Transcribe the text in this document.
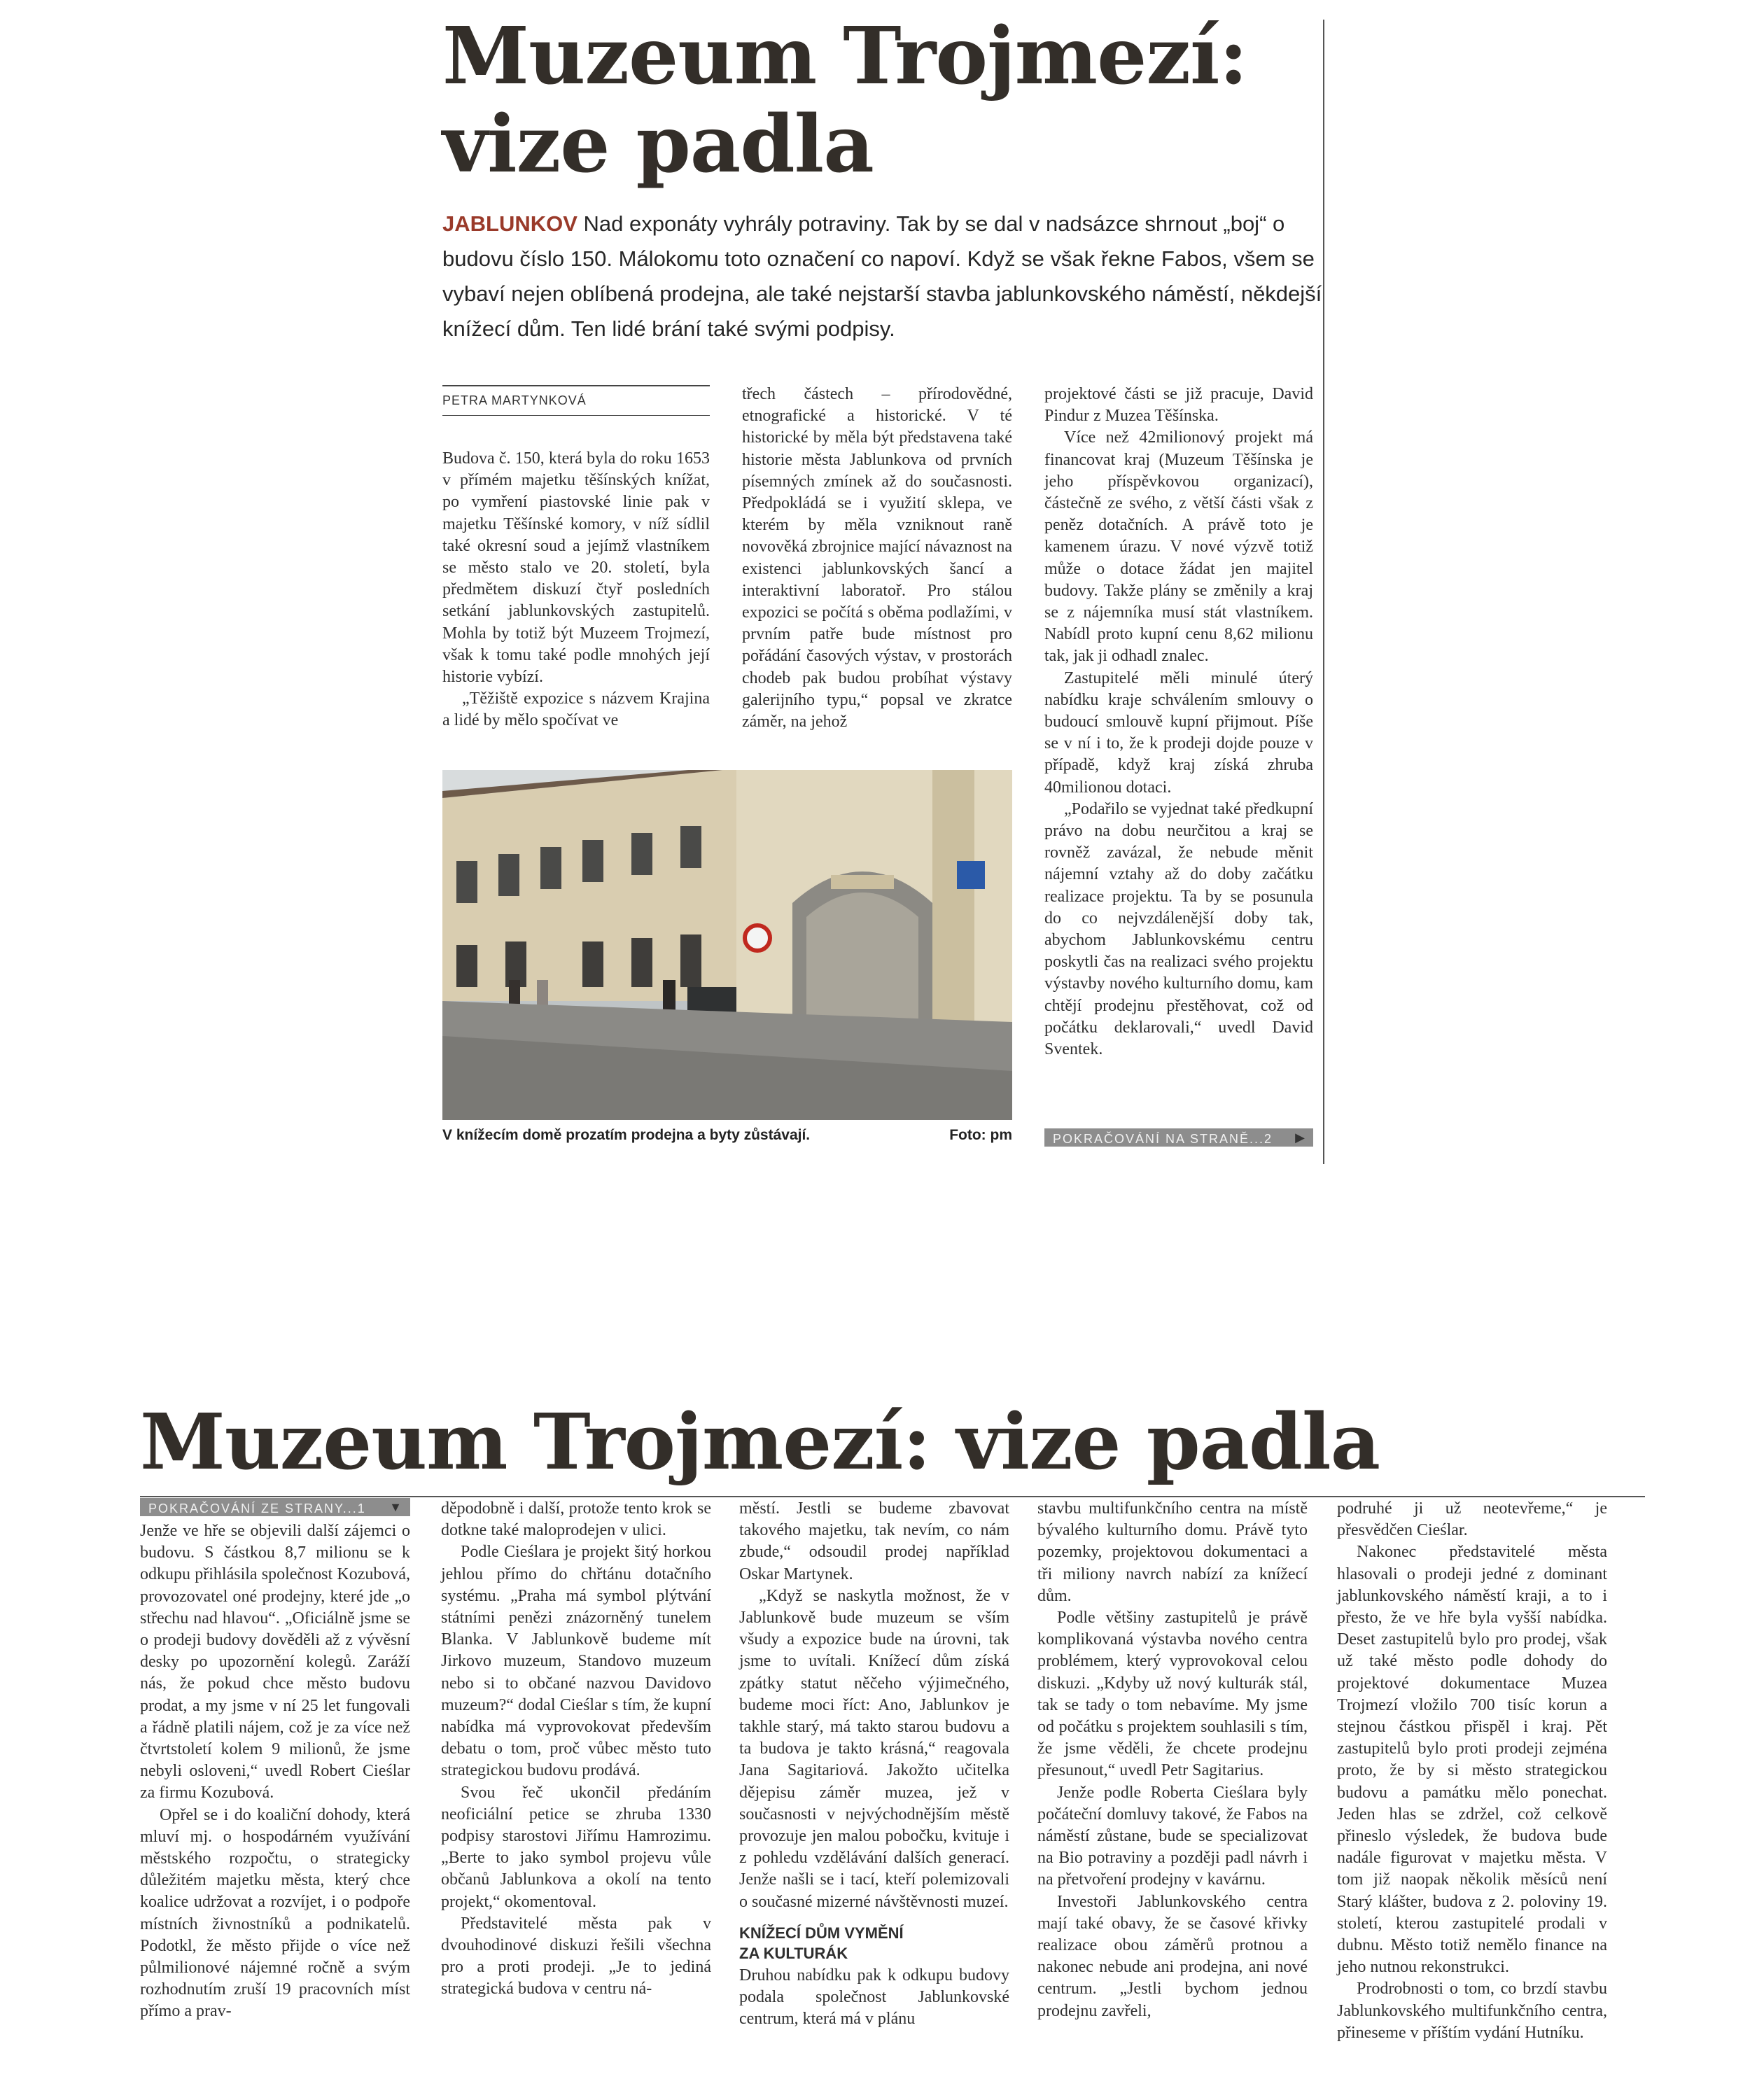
Muzeum Trojmezí:
vize padla
JABLUNKOV Nad exponáty vyhrály potraviny. Tak by se dal v nadsázce shrnout „boj“ o budovu číslo 150. Málokomu toto označení co napoví. Když se však řekne Fabos, všem se vybaví nejen oblíbená prodejna, ale také nejstarší stavba jablunkovského náměstí, někdejší knížecí dům. Ten lidé brání také svými podpisy.
PETRA MARTYNKOVÁ

Budova č. 150, která byla do roku 1653 v přímém majetku těšínských knížat, po vymření piastovské linie pak v majetku Těšínské komory, v níž sídlil také okresní soud a jejímž vlastníkem se město stalo ve 20. století, byla předmětem diskuzí čtyř posledních setkání jablunkovských zastupitelů. Mohla by totiž být Muzeem Trojmezí, však k tomu také podle mnohých její historie vybízí.

„Těžiště expozice s názvem Krajina a lidé by mělo spočívat ve

třech částech – přírodovědné, etnografické a historické. V té historické by měla být představena také historie města Jablunkova od prvních písemných zmínek až do současnosti. Předpokládá se i využití sklepa, ve kterém by měla vzniknout raně novověká zbrojnice mající návaznost na existenci jablunkovských šancí a interaktivní laboratoř. Pro stálou expozici se počítá s oběma podlažími, v prvním patře bude místnost pro pořádání časových výstav, v prostorách chodeb pak budou probíhat výstavy galerijního typu,“ popsal ve zkratce záměr, na jehož

projektové části se již pracuje, David Pindur z Muzea Těšínska.

Více než 42milionový projekt má financovat kraj (Muzeum Těšínska je jeho příspěvkovou organizací), částečně ze svého, z větší části však z peněz dotačních. A právě toto je kamenem úrazu. V nové výzvě totiž může o dotace žádat jen majitel budovy. Takže plány se změnily a kraj se z nájemníka musí stát vlastníkem. Nabídl proto kupní cenu 8,62 milionu tak, jak ji odhadl znalec.

Zastupitelé měli minulé úterý nabídku kraje schválením smlouvy o budoucí smlouvě kupní přijmout. Píše se v ní i to, že k prodeji dojde pouze v případě, když kraj získá zhruba 40milionou dotaci.

„Podařilo se vyjednat také předkupní právo na dobu neurčitou a kraj se rovněž zavázal, že nebude měnit nájemní vztahy až do doby začátku realizace projektu. Ta by se posunula do co nejvzdálenější doby tak, abychom Jablunkovskému centru poskytli čas na realizaci svého projektu výstavby nového kulturního domu, kam chtějí prodejnu přestěhovat, což od počátku deklarovali,“ uvedl David Sventek.

V knížecím domě prozatím prodejna a byty zůstávají.	Foto: pm	POKRAČOVÁNÍ NA STRANĚ...2 ▶
Muzeum Trojmezí: vize padla
POKRAČOVÁNÍ ZE STRANY...1 ▼

Jenže ve hře se objevili další zájemci o budovu. S částkou 8,7 milionu se k odkupu přihlásila společnost Kozubová, provozovatel oné prodejny, které jde „o střechu nad hlavou“. „Oficiálně jsme se o prodeji budovy dověděli až z vývěsní desky po upozornění kolegů. Zaráží nás, že pokud chce město budovu prodat, a my jsme v ní 25 let fungovali a řádně platili nájem, což je za více než čtvrtstoletí kolem 9 milionů, že jsme nebyli osloveni,“ uvedl Robert Cieślar za firmu Kozubová.

Opřel se i do koaliční dohody, která mluví mj. o hospodárném využívání městského rozpočtu, o strategicky důležitém majetku města, který chce koalice udržovat a rozvíjet, i o podpoře místních živnostníků a podnikatelů. Podotkl, že město přijde o více než půlmilionové nájemné ročně a svým rozhodnutím zruší 19 pracovních míst přímo a prav-

děpodobně i další, protože tento krok se dotkne také maloprodejen v ulici.

Podle Cieślara je projekt šitý horkou jehlou přímo do chřtánu dotačního systému. „Praha má symbol plýtvání státními penězi znázorněný tunelem Blanka. V Jablunkově budeme mít Jirkovo muzeum, Standovo muzeum nebo si to občané nazvou Davidovo muzeum?“ dodal Cieślar s tím, že kupní nabídka má vyprovokovat především debatu o tom, proč vůbec město tuto strategickou budovu prodává.

Svou řeč ukončil předáním neoficiální petice se zhruba 1330 podpisy starostovi Jiřímu Hamrozimu. „Berte to jako symbol projevu vůle občanů Jablunkova a okolí na tento projekt,“ okomentoval.

Představitelé města pak v dvouhodinové diskuzi řešili všechna pro a proti prodeji. „Je to jediná strategická budova v centru ná-

městí. Jestli se budeme zbavovat takového majetku, tak nevím, co nám zbude,“ odsoudil prodej například Oskar Martynek.

„Když se naskytla možnost, že v Jablunkově bude muzeum se vším všudy a expozice bude na úrovni, tak jsme to uvítali. Knížecí dům získá zpátky statut něčeho výjimečného, budeme moci říct: Ano, Jablunkov je takhle starý, má takto starou budovu a ta budova je takto krásná,“ reagovala Jana Sagitariová. Jakožto učitelka dějepisu záměr muzea, jež v současnosti v nejvýchodnějším městě provozuje jen malou pobočku, kvituje i z pohledu vzdělávání dalších generací. Jenže našli se i tací, kteří polemizovali o současné mizerné návštěvnosti muzeí.

KNÍŽECÍ DŮM VYMĚNÍ
ZA KULTURÁK

Druhou nabídku pak k odkupu budovy podala společnost Jablunkovské centrum, která má v plánu

stavbu multifunkčního centra na místě bývalého kulturního domu. Právě tyto pozemky, projektovou dokumentaci a tři miliony navrch nabízí za knížecí dům.

Podle většiny zastupitelů je právě komplikovaná výstavba nového centra problémem, který vyprovokoval celou diskuzi. „Kdyby už nový kulturák stál, tak se tady o tom nebavíme. My jsme od počátku s projektem souhlasili s tím, že jsme věděli, že chcete prodejnu přesunout,“ uvedl Petr Sagitarius.

Jenže podle Roberta Cieślara byly počáteční domluvy takové, že Fabos na náměstí zůstane, bude se specializovat na Bio potraviny a později padl návrh i na přetvoření prodejny v kavárnu.

Investoři Jablunkovského centra mají také obavy, že se časové křivky realizace obou záměrů protnou a nakonec nebude ani prodejna, ani nové centrum. „Jestli bychom jednou prodejnu zavřeli,

podruhé ji už neotevřeme,“ je přesvědčen Cieślar.

Nakonec představitelé města hlasovali o prodeji jedné z dominant jablunkovského náměstí kraji, a to i přesto, že ve hře byla vyšší nabídka. Deset zastupitelů bylo pro prodej, však už také město podle dohody do projektové dokumentace Muzea Trojmezí vložilo 700 tisíc korun a stejnou částkou přispěl i kraj. Pět zastupitelů bylo proti prodeji zejména proto, že by si město strategickou budovu a památku mělo ponechat. Jeden hlas se zdržel, což celkově přineslo výsledek, že budova bude nadále figurovat v majetku města. V tom již naopak několik měsíců není Starý klášter, budova z 2. poloviny 19. století, kterou zastupitelé prodali v dubnu. Město totiž nemělo finance na jeho nutnou rekonstrukci.

Prodrobnosti o tom, co brzdí stavbu Jablunkovského multifunkčního centra, přineseme v příštím vydání Hutníku.
